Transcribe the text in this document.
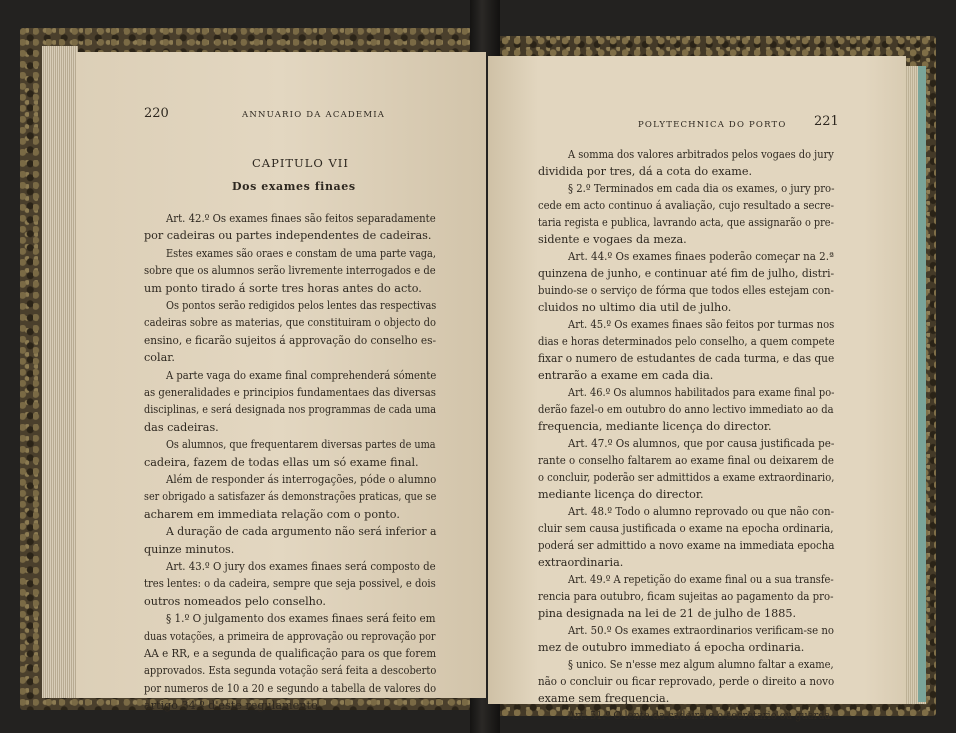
220	ANNUARIO DA ACADEMIA
CAPITULO VII
Dos exames finaes
Art. 42.º Os exames finaes são feitos separadamente
por cadeiras ou partes independentes de cadeiras.
Estes exames são oraes e constam de uma parte vaga,
sobre que os alumnos serão livremente interrogados e de
um ponto tirado á sorte tres horas antes do acto.
Os pontos serão redigidos pelos lentes das respectivas
cadeiras sobre as materias, que constituiram o objecto do
ensino, e ficarão sujeitos á approvação do conselho es-
colar.
A parte vaga do exame final comprehenderá sómente
as generalidades e principios fundamentaes das diversas
disciplinas, e será designada nos programmas de cada uma
das cadeiras.
Os alumnos, que frequentarem diversas partes de uma
cadeira, fazem de todas ellas um só exame final.
Além de responder ás interrogações, póde o alumno
ser obrigado a satisfazer ás demonstrações praticas, que se
acharem em immediata relação com o ponto.
A duração de cada argumento não será inferior a
quinze minutos.
Art. 43.º O jury dos exames finaes será composto de
tres lentes: o da cadeira, sempre que seja possivel, e dois
outros nomeados pelo conselho.
§ 1.º O julgamento dos exames finaes será feito em
duas votações, a primeira de approvação ou reprovação por
AA e RR, e a segunda de qualificação para os que forem
approvados. Esta segunda votação será feita a descoberto
por numeros de 10 a 20 e segundo a tabella de valores do
artigo 34.º d'este regulamento.
POLYTECHNICA DO PORTO 221
A somma dos valores arbitrados pelos vogaes do jury
dividida por tres, dá a cota do exame.
§ 2.º Terminados em cada dia os exames, o jury pro-
cede em acto continuo á avaliação, cujo resultado a secre-
taria regista e publica, lavrando acta, que assignarão o pre-
sidente e vogaes da meza.
Art. 44.º Os exames finaes poderão começar na 2.ª
quinzena de junho, e continuar até fim de julho, distri-
buindo-se o serviço de fórma que todos elles estejam con-
cluidos no ultimo dia util de julho.
Art. 45.º Os exames finaes são feitos por turmas nos
dias e horas determinados pelo conselho, a quem compete
fixar o numero de estudantes de cada turma, e das que
entrarão a exame em cada dia.
Art. 46.º Os alumnos habilitados para exame final po-
derão fazel-o em outubro do anno lectivo immediato ao da
frequencia, mediante licença do director.
Art. 47.º Os alumnos, que por causa justificada pe-
rante o conselho faltarem ao exame final ou deixarem de
o concluir, poderão ser admittidos a exame extraordinario,
mediante licença do director.
Art. 48.º Todo o alumno reprovado ou que não con-
cluir sem causa justificada o exame na epocha ordinaria,
poderá ser admittido a novo exame na immediata epocha
extraordinaria.
Art. 49.º A repetição do exame final ou a sua transfe-
rencia para outubro, ficam sujeitas ao pagamento da pro-
pina designada na lei de 21 de julho de 1885.
Art. 50.º Os exames extraordinarios verificam-se no
mez de outubro immediato á epocha ordinaria.
§ unico. Se n'esse mez algum alumno faltar a exame,
não o concluir ou ficar reprovado, perde o direito a novo
exame sem frequencia.
Art. 51.º O lente da cadeira e o secretario ou guarda-
